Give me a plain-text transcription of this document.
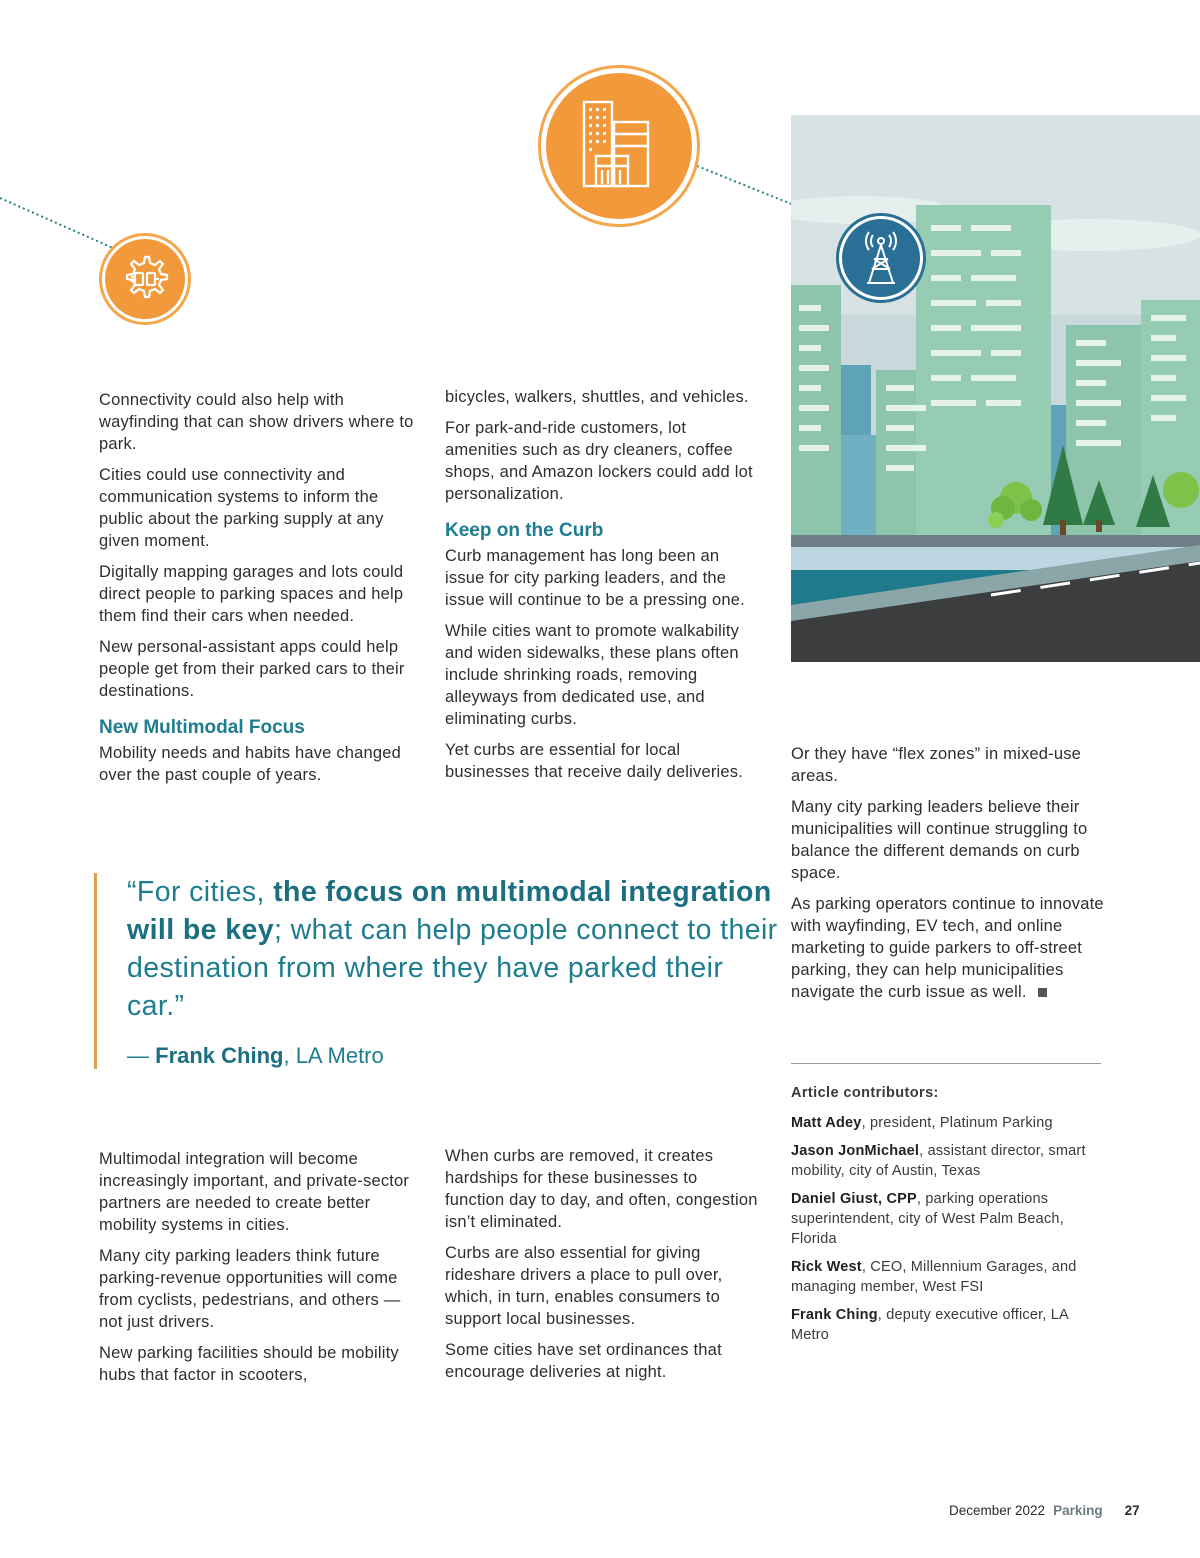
Connectivity could also help with wayfinding that can show drivers where to park.

Cities could use connectivity and communication systems to inform the public about the parking supply at any given moment.

Digitally mapping garages and lots could direct people to parking spaces and help them find their cars when needed.

New personal-assistant apps could help people get from their parked cars to their destinations.

New Multimodal Focus

Mobility needs and habits have changed over the past couple of years.

bicycles, walkers, shuttles, and vehicles.

For park-and-ride customers, lot amenities such as dry cleaners, coffee shops, and Amazon lockers could add lot personalization.

Keep on the Curb

Curb management has long been an issue for city parking leaders, and the issue will continue to be a pressing one.

While cities want to promote walkability and widen sidewalks, these plans often include shrinking roads, removing alleyways from dedicated use, and eliminating curbs.

Yet curbs are essential for local businesses that receive daily deliveries.

Or they have “flex zones” in mixed-use areas.

Many city parking leaders believe their municipalities will continue struggling to balance the different demands on curb space.

As parking operators continue to innovate with wayfinding, EV tech, and online marketing to guide parkers to off-street parking, they can help municipalities navigate the curb issue as well.

“For cities, the focus on multimodal integration will be key; what can help people connect to their destination from where they have parked their car.”

— Frank Ching, LA Metro
Article contributors:

Matt Adey, president, Platinum Parking

Jason JonMichael, assistant director, smart mobility, city of Austin, Texas

Daniel Giust, CPP, parking operations superintendent, city of West Palm Beach, Florida

Rick West, CEO, Millennium Garages, and managing member, West FSI

Frank Ching, deputy executive officer, LA Metro

Multimodal integration will become increasingly important, and private-sector partners are needed to create better mobility systems in cities.

Many city parking leaders think future parking-revenue opportunities will come from cyclists, pedestrians, and others — not just drivers.

New parking facilities should be mobility hubs that factor in scooters,

When curbs are removed, it creates hardships for these businesses to function day to day, and often, congestion isn’t eliminated.

Curbs are also essential for giving rideshare drivers a place to pull over, which, in turn, enables consumers to support local businesses.

Some cities have set ordinances that encourage deliveries at night.

December 2022 Parking 27
